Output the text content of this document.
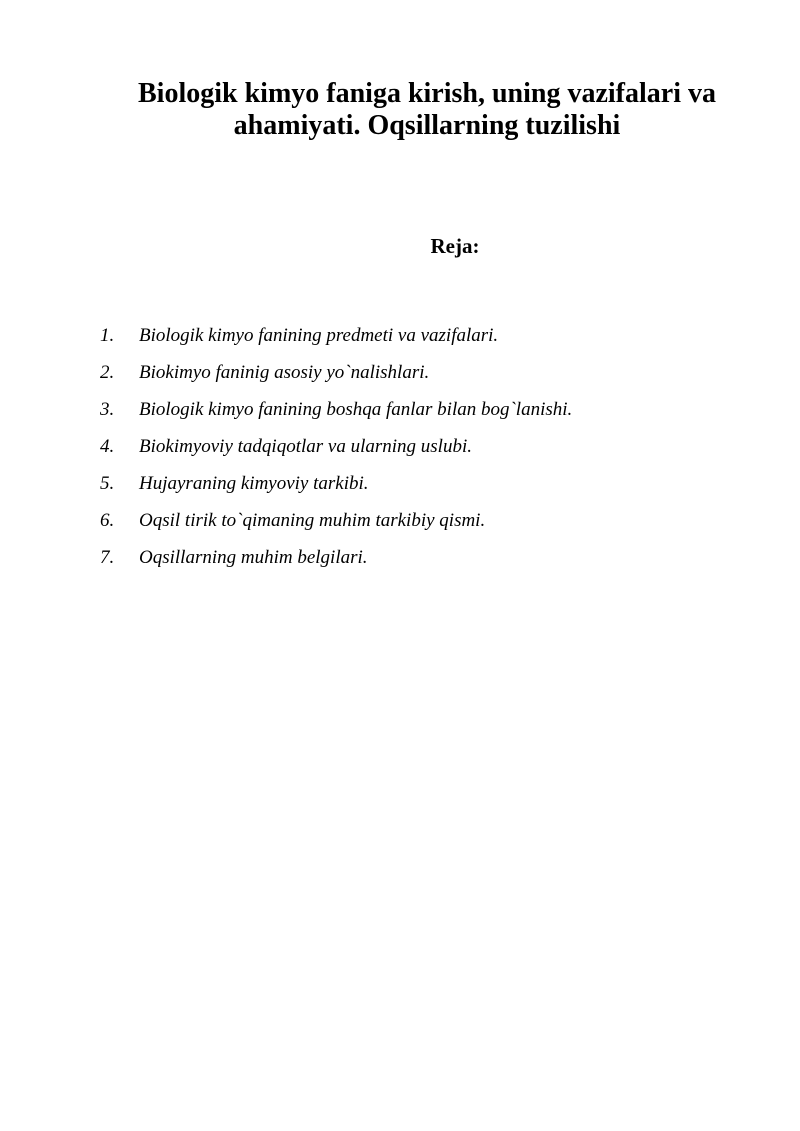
Biologik kimyo faniga kirish, uning vazifalari va ahamiyati. Oqsillarning tuzilishi
Reja:
1.	Biologik kimyo fanining predmeti va vazifalari.
2.	Biokimyo faninig asosiy yo`nalishlari.
3.	Biologik kimyo fanining boshqa fanlar bilan bog`lanishi.
4.	Biokimyoviy tadqiqotlar va ularning uslubi.
5.	Hujayraning kimyoviy tarkibi.
6.	Oqsil tirik to`qimaning muhim tarkibiy qismi.
7.	Oqsillarning muhim belgilari.
